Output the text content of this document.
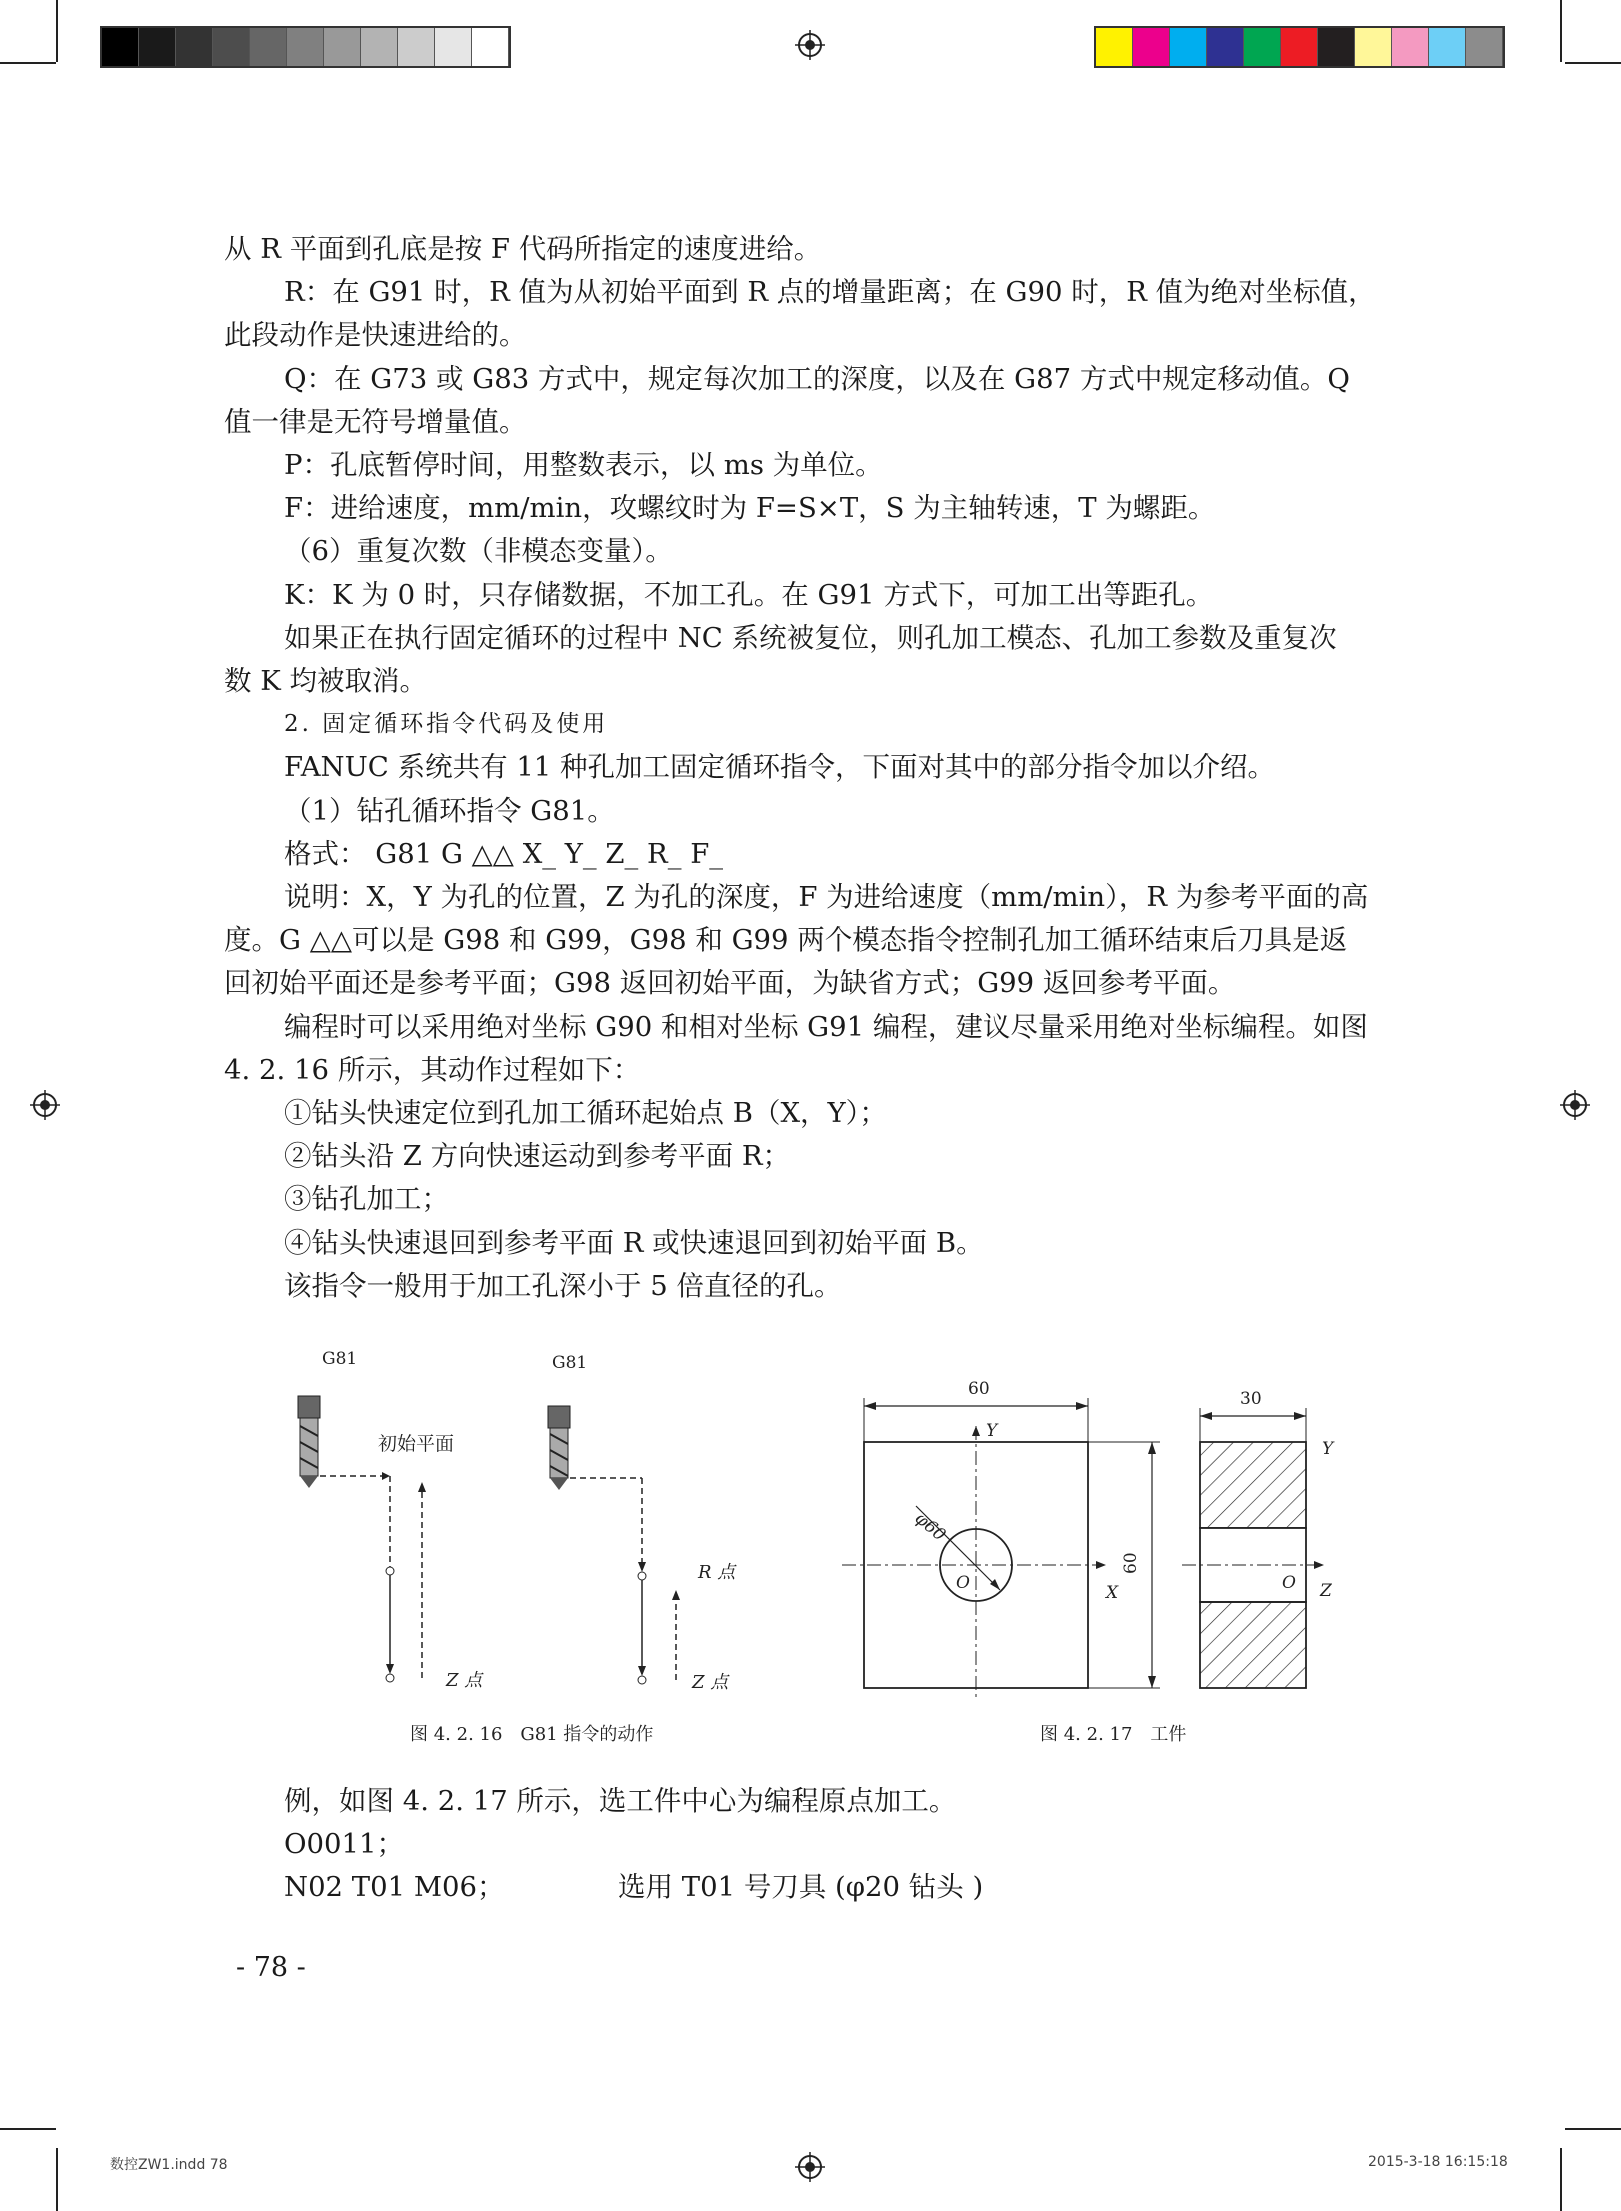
从 R 平面到孔底是按 F 代码所指定的速度进给。

R：在 G91 时，R 值为从初始平面到 R 点的增量距离；在 G90 时，R 值为绝对坐标值，

此段动作是快速进给的。

Q：在 G73 或 G83 方式中，规定每次加工的深度，以及在 G87 方式中规定移动值。Q

值一律是无符号增量值。

P：孔底暂停时间，用整数表示，以 ms 为单位。

F：进给速度，mm/min，攻螺纹时为 F=S×T，S 为主轴转速，T 为螺距。

（6）重复次数（非模态变量）。

K：K 为 0 时，只存储数据，不加工孔。在 G91 方式下，可加工出等距孔。

如果正在执行固定循环的过程中 NC 系统被复位，则孔加工模态、孔加工参数及重复次

数 K 均被取消。

2. 固定循环指令代码及使用

FANUC 系统共有 11 种孔加工固定循环指令，下面对其中的部分指令加以介绍。

（1）钻孔循环指令 G81。

格式： G81 G △△ X_ Y_ Z_ R_ F_

说明：X，Y 为孔的位置，Z 为孔的深度，F 为进给速度（mm/min），R 为参考平面的高

度。G △△可以是 G98 和 G99，G98 和 G99 两个模态指令控制孔加工循环结束后刀具是返

回初始平面还是参考平面；G98 返回初始平面，为缺省方式；G99 返回参考平面。

编程时可以采用绝对坐标 G90 和相对坐标 G91 编程，建议尽量采用绝对坐标编程。如图

4. 2. 16 所示，其动作过程如下：

①钻头快速定位到孔加工循环起始点 B（X，Y）；

②钻头沿 Z 方向快速运动到参考平面 R；

③钻孔加工；

④钻头快速退回到参考平面 R 或快速退回到初始平面 B。

该指令一般用于加工孔深小于 5 倍直径的孔。

G81	G81
初始平面
Z 点
R 点
Z 点
图 4. 2. 16　G81 指令的动作
60
Y
φ60
O	X
60
30
Y
O Z
图 4. 2. 17　工件

例，如图 4. 2. 17 所示，选工件中心为编程原点加工。

O0011；

N02 T01 M06；	选用 T01 号刀具 (φ20 钻头 )

- 78 -
数控ZW1.indd 78	2015-3-18 16:15:18
